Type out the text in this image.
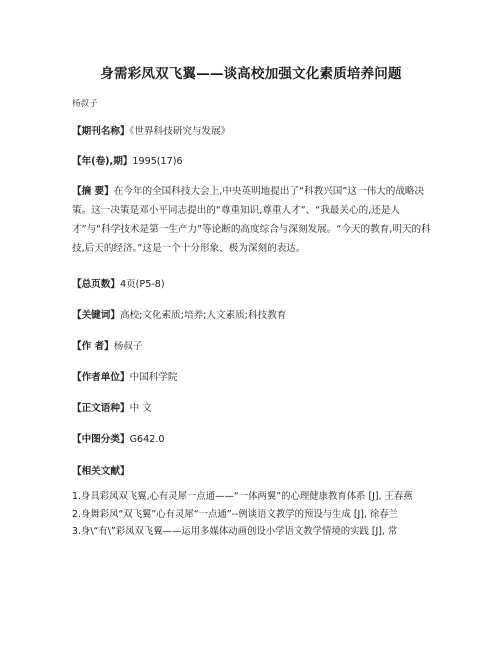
身需彩凤双飞翼——谈高校加强文化素质培养问题
杨叔子
【期刊名称】《世界科技研究与发展》
【年(卷),期】1995(17)6
【摘 要】在今年的全国科技大会上,中央英明地提出了“科教兴国”这一伟大的战略决策。这一决策是邓小平同志提出的“尊重知识,尊重人才”、“我最关心的,还是人才”与“科学技术是第一生产力”等论断的高度综合与深刻发展。“今天的教育,明天的科技,后天的经济。”这是一个十分形象、极为深刻的表达。
【总页数】4页(P5-8)
【关键词】高校;文化素质;培养;人文素质;科技教育
【作 者】杨叔子
【作者单位】中国科学院
【正文语种】中 文
【中图分类】G642.0
【相关文献】

1.身具彩凤双飞翼,心有灵犀一点通——“一体两翼”的心理健康教育体系 [J], 王春燕

2.身舞彩凤“双飞翼”心有灵犀“一点通”--例谈语文教学的预设与生成 [J], 徐春兰

3.身\“有\”彩凤双飞翼——运用多媒体动画创设小学语文教学情境的实践 [J], 常
